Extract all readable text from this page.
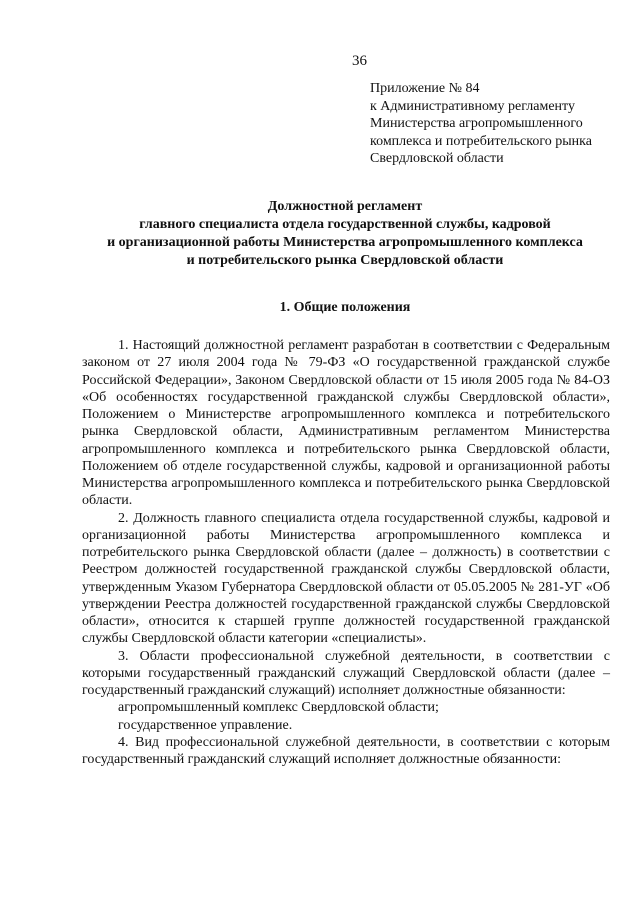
36
Приложение № 84
к Административному регламенту
Министерства агропромышленного
комплекса и потребительского рынка
Свердловской области
Должностной регламент
главного специалиста отдела государственной службы, кадровой
и организационной работы Министерства агропромышленного комплекса
и потребительского рынка Свердловской области
1. Общие положения

1. Настоящий должностной регламент разработан в соответствии с Федеральным законом от 27 июля 2004 года № 79-ФЗ «О государственной гражданской службе Российской Федерации», Законом Свердловской области от 15 июля 2005 года № 84-ОЗ «Об особенностях государственной гражданской службы Свердловской области», Положением о Министерстве агропромышленного комплекса и потребительского рынка Свердловской области, Административным регламентом Министерства агропромышленного комплекса и потребительского рынка Свердловской области, Положением об отделе государственной службы, кадровой и организационной работы Министерства агропромышленного комплекса и потребительского рынка Свердловской области.

2. Должность главного специалиста отдела государственной службы, кадровой и организационной работы Министерства агропромышленного комплекса и потребительского рынка Свердловской области (далее – должность) в соответствии с Реестром должностей государственной гражданской службы Свердловской области, утвержденным Указом Губернатора Свердловской области от 05.05.2005 № 281-УГ «Об утверждении Реестра должностей государственной гражданской службы Свердловской области», относится к старшей группе должностей государственной гражданской службы Свердловской области категории «специалисты».

3. Области профессиональной служебной деятельности, в соответствии с которыми государственный гражданский служащий Свердловской области (далее – государственный гражданский служащий) исполняет должностные обязанности:

агропромышленный комплекс Свердловской области;

государственное управление.

4. Вид профессиональной служебной деятельности, в соответствии с которым государственный гражданский служащий исполняет должностные обязанности:
